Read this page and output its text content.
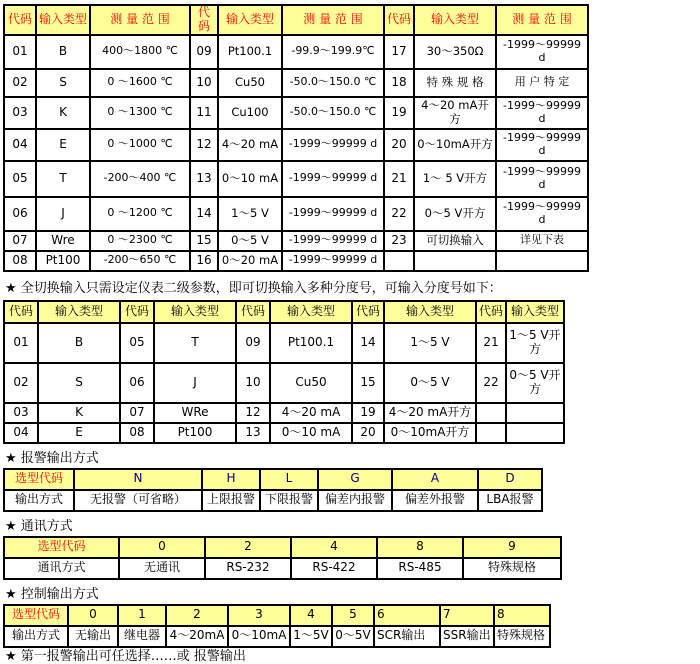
代码	输入类型	测 量 范 围	代码	输入类型	测 量 范 围	代码	输入类型	测 量 范 围
01	B	400～1800 ℃	09	Pt100.1	-99.9～199.9℃	17	30～350Ω	-1999～99999 d
02	S	0 ～1600 ℃	10	Cu50	-50.0～150.0 ℃	18	特 殊 规 格	用 户 特 定
03	K	0 ～1300 ℃	11	Cu100	-50.0～150.0 ℃	19	4～20 mA开方	-1999～99999 d
04	E	0 ～1000 ℃	12	4～20 mA	-1999～99999 d	20	0～10mA开方	-1999～99999 d
05	T	-200～400 ℃	13	0～10 mA	-1999～99999 d	21	1～ 5 V开方	-1999～99999 d
06	J	0 ～1200 ℃	14	1～5 V	-1999～99999 d	22	0～5 V开方	-1999～99999 d
07	Wre	0 ～2300 ℃	15	0～5 V	-1999～99999 d	23	可切换输入	详见下表
08	Pt100	-200～650 ℃	16	0～20 mA	-1999～99999 d			
★ 全切换输入只需设定仪表二级参数，即可切换输入多种分度号，可输入分度号如下：
代码	输入类型	代码	输入类型	代码	输入类型	代码	输入类型	代码	输入类型
01	B	05	T	09	Pt100.1	14	1～5 V	21	1～5 V开方
02	S	06	J	10	Cu50	15	0～5 V	22	0～5 V开方
03	K	07	WRe	12	4～20 mA	19	4～20 mA开方		
04	E	08	Pt100	13	0～10 mA	20	0～10mA开方		
★ 报警输出方式
选型代码	N	H	L	G	A	D
输出方式	无报警（可省略）	上限报警	下限报警	偏差内报警	偏差外报警	LBA报警
★ 通讯方式
选型代码	0	2	4	8	9
通讯方式	无通讯	RS-232	RS-422	RS-485	特殊规格
★ 控制输出方式
选型代码	0	1	2	3	4	5	6	7	8
输出方式	无输出	继电器	4～20mA	0～10mA	1～5V	0～5V	SCR输出	SSR输出	特殊规格
★ 第一报警输出可任选择……或 报警输出
